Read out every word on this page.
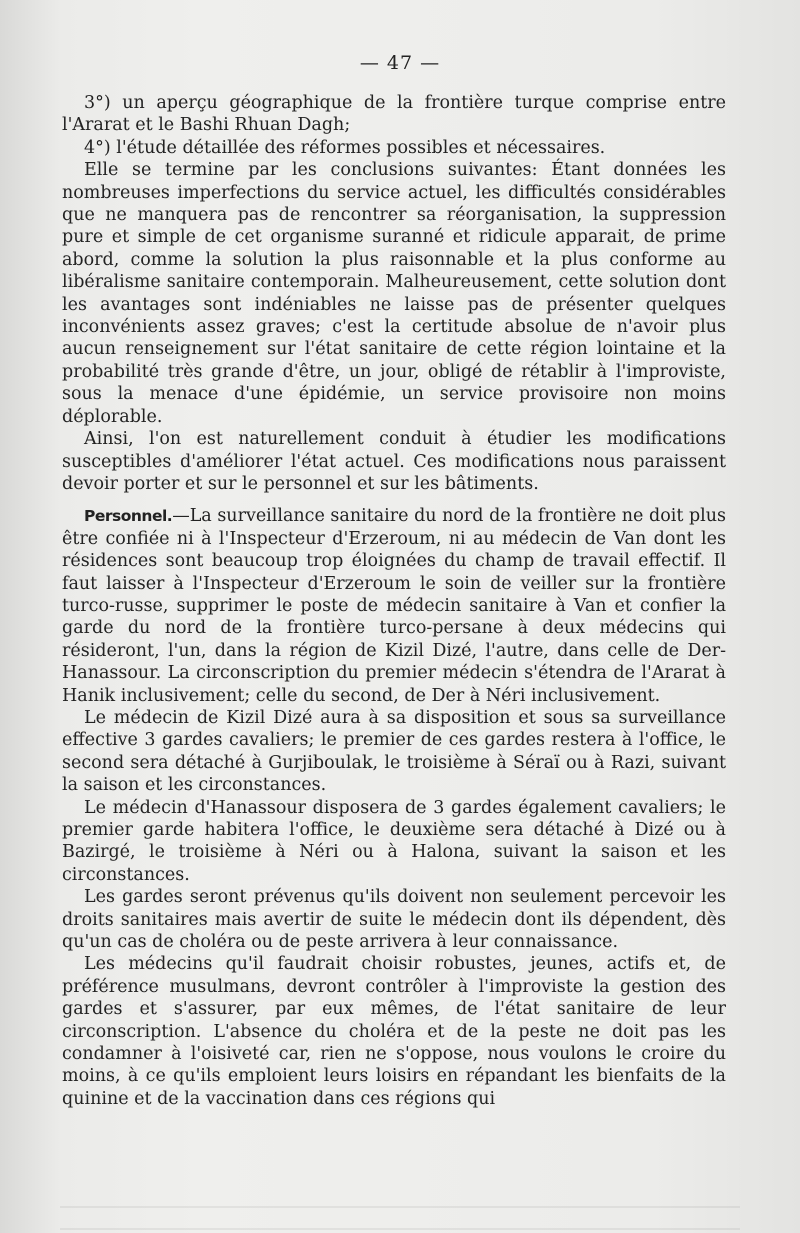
— 47 —

3°) un aperçu géographique de la frontière turque comprise entre l'Ararat et le Bashi Rhuan Dagh;

4°) l'étude détaillée des réformes possibles et nécessaires.

Elle se termine par les conclusions suivantes: Étant données les nombreuses imperfections du service actuel, les difficultés considérables que ne manquera pas de rencontrer sa réorganisation, la suppression pure et simple de cet organisme suranné et ridicule apparait, de prime abord, comme la solution la plus raisonnable et la plus conforme au libéralisme sanitaire contemporain. Malheureusement, cette solution dont les avantages sont indéniables ne laisse pas de présenter quelques inconvénients assez graves; c'est la certitude absolue de n'avoir plus aucun renseignement sur l'état sanitaire de cette région lointaine et la probabilité très grande d'être, un jour, obligé de rétablir à l'improviste, sous la menace d'une épidémie, un service provisoire non moins déplorable.

Ainsi, l'on est naturellement conduit à étudier les modifications susceptibles d'améliorer l'état actuel. Ces modifications nous paraissent devoir porter et sur le personnel et sur les bâtiments.

Personnel.—La surveillance sanitaire du nord de la frontière ne doit plus être confiée ni à l'Inspecteur d'Erzeroum, ni au médecin de Van dont les résidences sont beaucoup trop éloignées du champ de travail effectif. Il faut laisser à l'Inspecteur d'Erzeroum le soin de veiller sur la frontière turco-russe, supprimer le poste de médecin sanitaire à Van et confier la garde du nord de la frontière turco-persane à deux médecins qui résideront, l'un, dans la région de Kizil Dizé, l'autre, dans celle de Der-Hanassour. La circonscription du premier médecin s'étendra de l'Ararat à Hanik inclusivement; celle du second, de Der à Néri inclusivement.

Le médecin de Kizil Dizé aura à sa disposition et sous sa surveillance effective 3 gardes cavaliers; le premier de ces gardes restera à l'office, le second sera détaché à Gurjiboulak, le troisième à Séraï ou à Razi, suivant la saison et les circonstances.

Le médecin d'Hanassour disposera de 3 gardes également cavaliers; le premier garde habitera l'office, le deuxième sera détaché à Dizé ou à Bazirgé, le troisième à Néri ou à Halona, suivant la saison et les circonstances.

Les gardes seront prévenus qu'ils doivent non seulement percevoir les droits sanitaires mais avertir de suite le médecin dont ils dépendent, dès qu'un cas de choléra ou de peste arrivera à leur connaissance.

Les médecins qu'il faudrait choisir robustes, jeunes, actifs et, de préférence musulmans, devront contrôler à l'improviste la gestion des gardes et s'assurer, par eux mêmes, de l'état sanitaire de leur circonscription. L'absence du choléra et de la peste ne doit pas les condamner à l'oisiveté car, rien ne s'oppose, nous voulons le croire du moins, à ce qu'ils emploient leurs loisirs en répandant les bienfaits de la quinine et de la vaccination dans ces régions qui
